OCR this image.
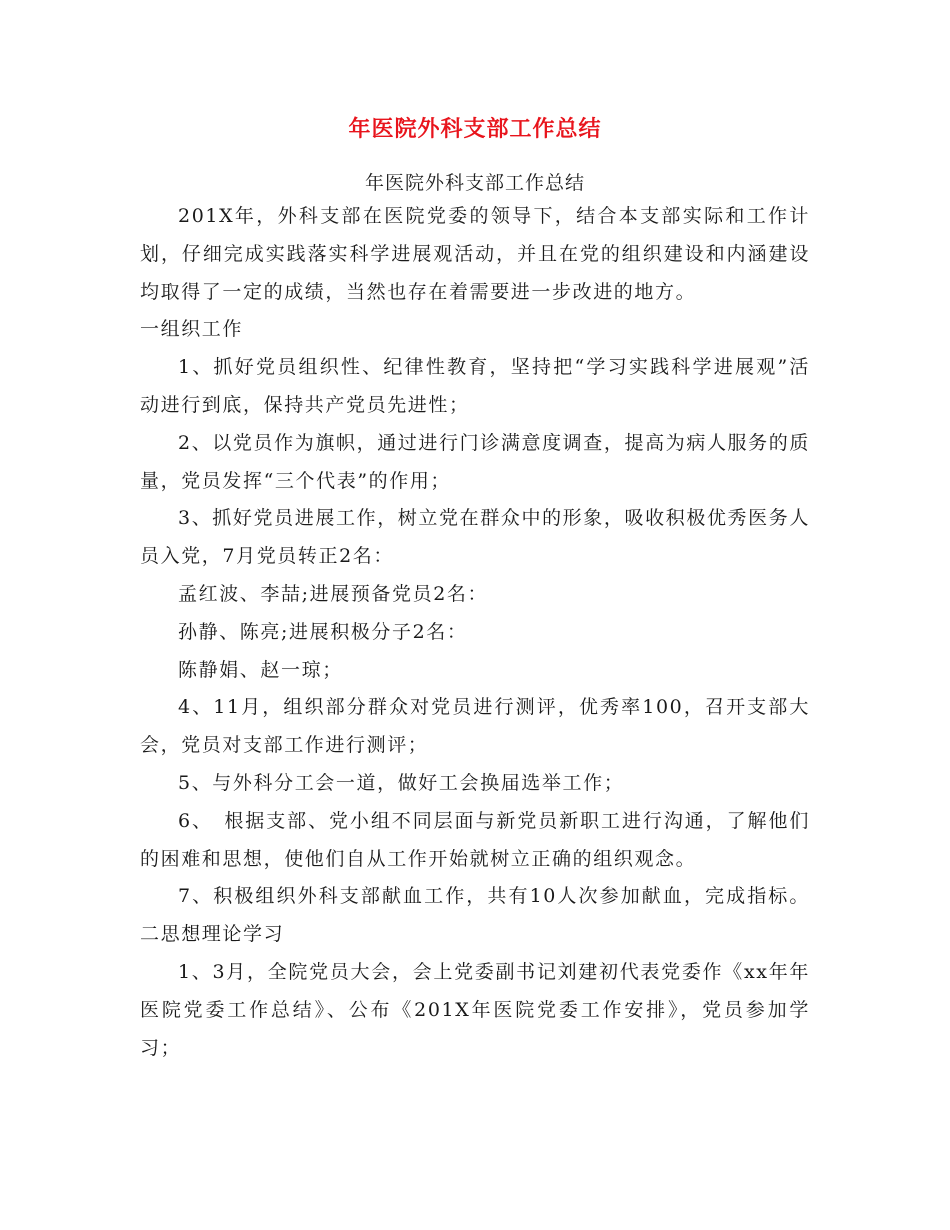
年医院外科支部工作总结
年医院外科支部工作总结

201X年，外科支部在医院党委的领导下，结合本支部实际和工作计划，仔细完成实践落实科学进展观活动，并且在党的组织建设和内涵建设均取得了一定的成绩，当然也存在着需要进一步改进的地方。

一组织工作

1、抓好党员组织性、纪律性教育，坚持把“学习实践科学进展观”活动进行到底，保持共产党员先进性；

2、以党员作为旗帜，通过进行门诊满意度调查，提高为病人服务的质量，党员发挥“三个代表”的作用；

3、抓好党员进展工作，树立党在群众中的形象，吸收积极优秀医务人员入党，7月党员转正2名：

孟红波、李喆;进展预备党员2名：

孙静、陈亮;进展积极分子2名：

陈静娟、赵一琼；

4、11月，组织部分群众对党员进行测评，优秀率100，召开支部大会，党员对支部工作进行测评；

5、与外科分工会一道，做好工会换届选举工作；

6、　根据支部、党小组不同层面与新党员新职工进行沟通，了解他们的困难和思想，使他们自从工作开始就树立正确的组织观念。

7、积极组织外科支部献血工作，共有10人次参加献血，完成指标。 二思想理论学习

1、3月，全院党员大会，会上党委副书记刘建初代表党委作《xx年年医院党委工作总结》、公布《201X年医院党委工作安排》，党员参加学习；
